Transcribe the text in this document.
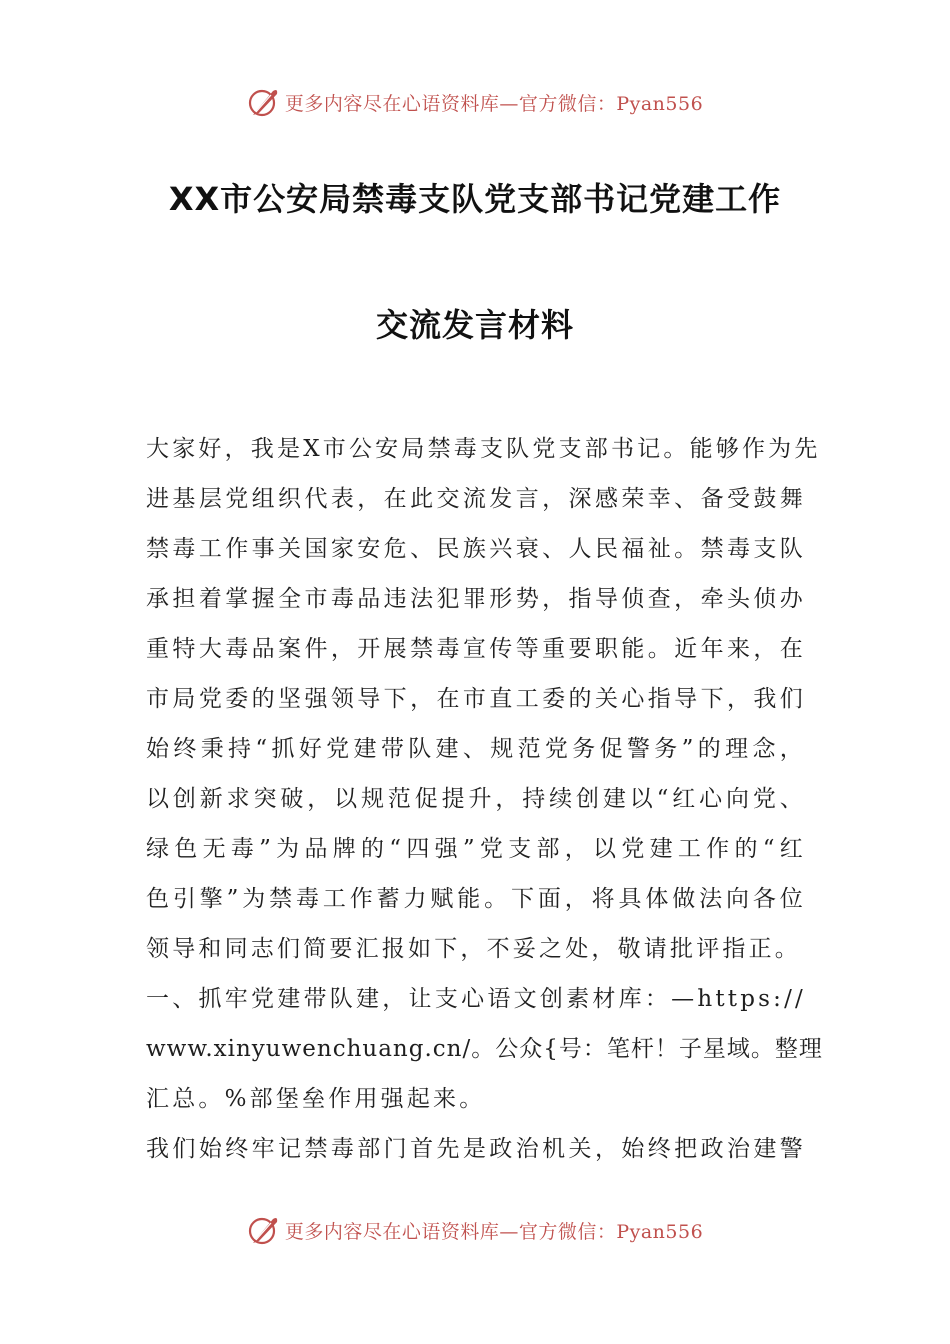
更多内容尽在心语资料库—官方微信：Pyan556
XX市公安局禁毒支队党支部书记党建工作
交流发言材料
大家好，我是X市公安局禁毒支队党支部书记。能够作为先
进基层党组织代表，在此交流发言，深感荣幸、备受鼓舞
禁毒工作事关国家安危、民族兴衰、人民福祉。禁毒支队
承担着掌握全市毒品违法犯罪形势，指导侦查，牵头侦办
重特大毒品案件，开展禁毒宣传等重要职能。近年来，在
市局党委的坚强领导下，在市直工委的关心指导下，我们
始终秉持“抓好党建带队建、规范党务促警务”的理念，
以创新求突破，以规范促提升，持续创建以“红心向党、
绿色无毒”为品牌的“四强”党支部，以党建工作的“红
色引擎”为禁毒工作蓄力赋能。下面，将具体做法向各位
领导和同志们简要汇报如下，不妥之处，敬请批评指正。
一、抓牢党建带队建，让支心语文创素材库：—https://
www.xinyuwenchuang.cn/。公众{号：笔杆！子星域。整理
汇总。%部堡垒作用强起来。
我们始终牢记禁毒部门首先是政治机关，始终把政治建警
更多内容尽在心语资料库—官方微信：Pyan556
